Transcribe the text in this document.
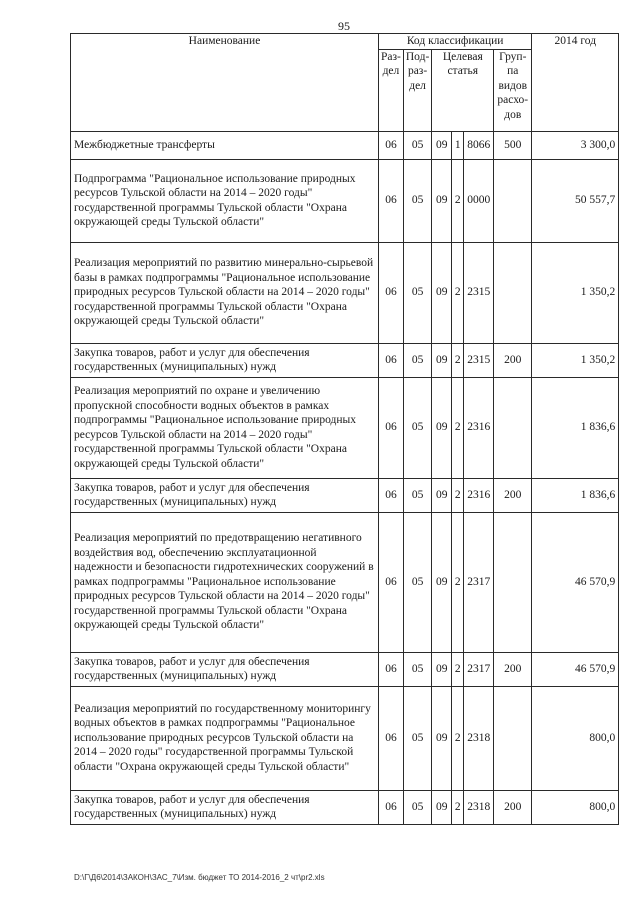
95
Наименование	Код классификации						2014 год
	Раз- дел	Под- раз- дел	Целевая статья			Груп- па видов расхо- дов	
Межбюджетные трансферты	06	05	09	1	8066	500	3 300,0
Подпрограмма "Рациональное использование природных ресурсов Тульской области на 2014 – 2020 годы" государственной программы Тульской области "Охрана окружающей среды Тульской области"	06	05	09	2	0000		50 557,7
Реализация мероприятий по развитию минерально-сырьевой базы в рамках подпрограммы "Рациональное использование природных ресурсов Тульской области на 2014 – 2020 годы" государственной программы Тульской области "Охрана окружающей среды Тульской области"	06	05	09	2	2315		1 350,2
Закупка товаров, работ и услуг для обеспечения государственных (муниципальных) нужд	06	05	09	2	2315	200	1 350,2
Реализация мероприятий по охране и увеличению пропускной способности водных объектов в рамках подпрограммы "Рациональное использование природных ресурсов Тульской области на 2014 – 2020 годы" государственной программы Тульской области "Охрана окружающей среды Тульской области"	06	05	09	2	2316		1 836,6
Закупка товаров, работ и услуг для обеспечения государственных (муниципальных) нужд	06	05	09	2	2316	200	1 836,6
Реализация мероприятий по предотвращению негативного воздействия вод, обеспечению эксплуатационной надежности и безопасности гидротехнических сооружений в рамках подпрограммы "Рациональное использование природных ресурсов Тульской области на 2014 – 2020 годы" государственной программы Тульской области "Охрана окружающей среды Тульской области"	06	05	09	2	2317		46 570,9
Закупка товаров, работ и услуг для обеспечения государственных (муниципальных) нужд	06	05	09	2	2317	200	46 570,9
Реализация мероприятий по государственному мониторингу водных объектов в рамках подпрограммы "Рациональное использование природных ресурсов Тульской области на 2014 – 2020 годы" государственной программы Тульской области "Охрана окружающей среды Тульской области"	06	05	09	2	2318		800,0
Закупка товаров, работ и услуг для обеспечения государственных (муниципальных) нужд	06	05	09	2	2318	200	800,0
D:\Г\Д6\2014\ЗАКОН\ЗАС_7\Изм. бюджет ТО 2014-2016_2 чт\pr2.xls
